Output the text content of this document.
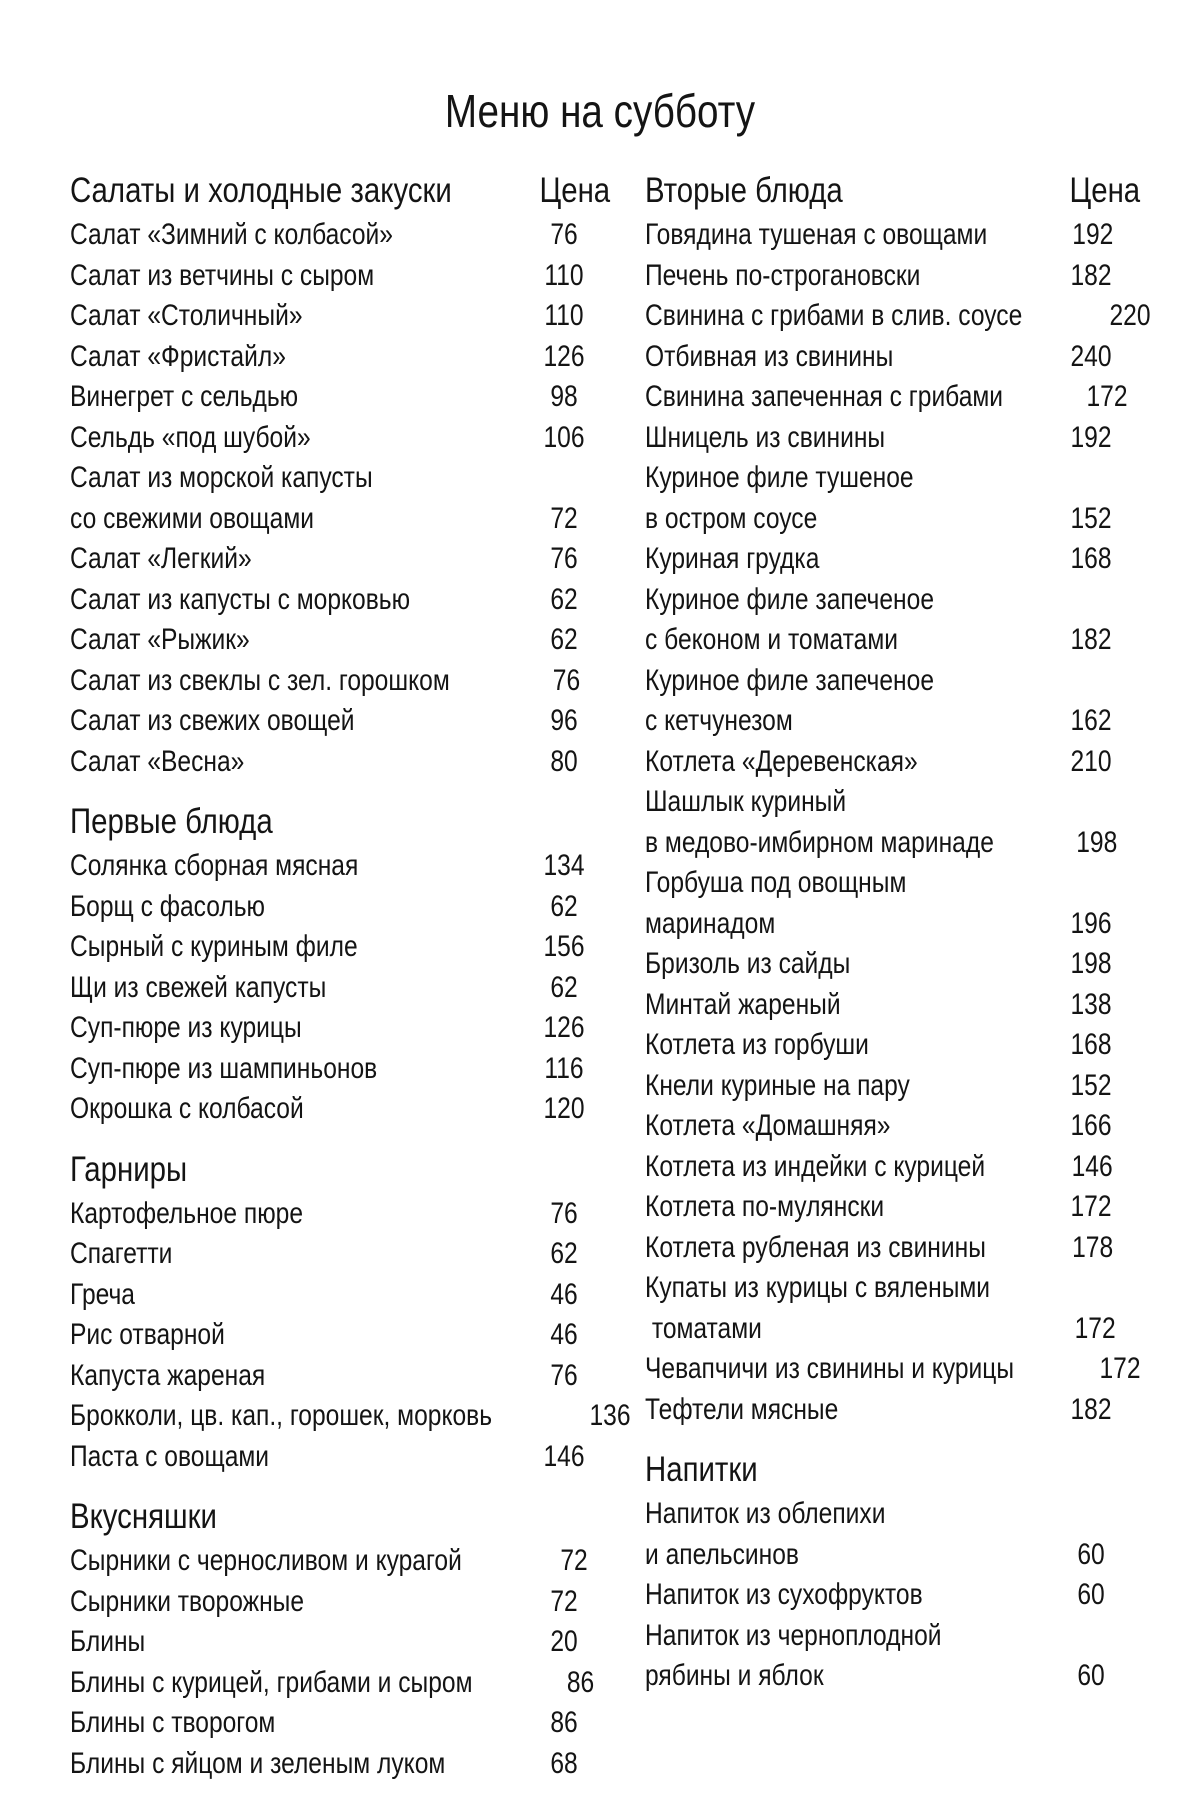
Меню на субботу
Салаты и холодные закуски Цена
Салат «Зимний с колбасой»	76
Салат из ветчины с сыром	110
Салат «Столичный»	110
Салат «Фристайл»	126
Винегрет с сельдью	98
Сельдь «под шубой»	106
Салат из морской капусты
со свежими овощами	72
Салат «Легкий»	76
Салат из капусты с морковью	62
Салат «Рыжик»	62
Салат из свеклы с зел. горошком	76
Салат из свежих овощей	96
Салат «Весна»	80
Первые блюда
Солянка сборная мясная	134
Борщ с фасолью	62
Сырный с куриным филе	156
Щи из свежей капусты	62
Суп-пюре из курицы	126
Суп-пюре из шампиньонов	116
Окрошка с колбасой	120
Гарниры
Картофельное пюре	76
Спагетти	62
Греча	46
Рис отварной	46
Капуста жареная	76
Брокколи, цв. кап., горошек, морковь	136
Паста с овощами	146
Вкусняшки
Сырники с черносливом и курагой	72
Сырники творожные	72
Блины	20
Блины с курицей, грибами и сыром	86
Блины с творогом	86
Блины с яйцом и зеленым луком	68
Вторые блюда	Цена
Говядина тушеная с овощами	192
Печень по-строгановски	182
Свинина с грибами в слив. соусе	220
Отбивная из свинины	240
Свинина запеченная с грибами	172
Шницель из свинины	192
Куриное филе тушеное
в остром соусе	152
Куриная грудка	168
Куриное филе запеченое
с беконом и томатами	182
Куриное филе запеченое
с кетчунезом	162
Котлета «Деревенская»	210
Шашлык куриный
в медово-имбирном маринаде	198
Горбуша под овощным
маринадом	196
Бризоль из сайды	198
Минтай жареный	138
Котлета из горбуши	168
Кнели куриные на пару	152
Котлета «Домашняя»	166
Котлета из индейки с курицей	146
Котлета по-мулянски	172
Котлета рубленая из свинины	178
Купаты из курицы с вялеными
томатами	172
Чевапчичи из свинины и курицы	172
Тефтели мясные	182
Напитки
Напиток из облепихи
и апельсинов	60
Напиток из сухофруктов	60
Напиток из черноплодной
рябины и яблок	60
